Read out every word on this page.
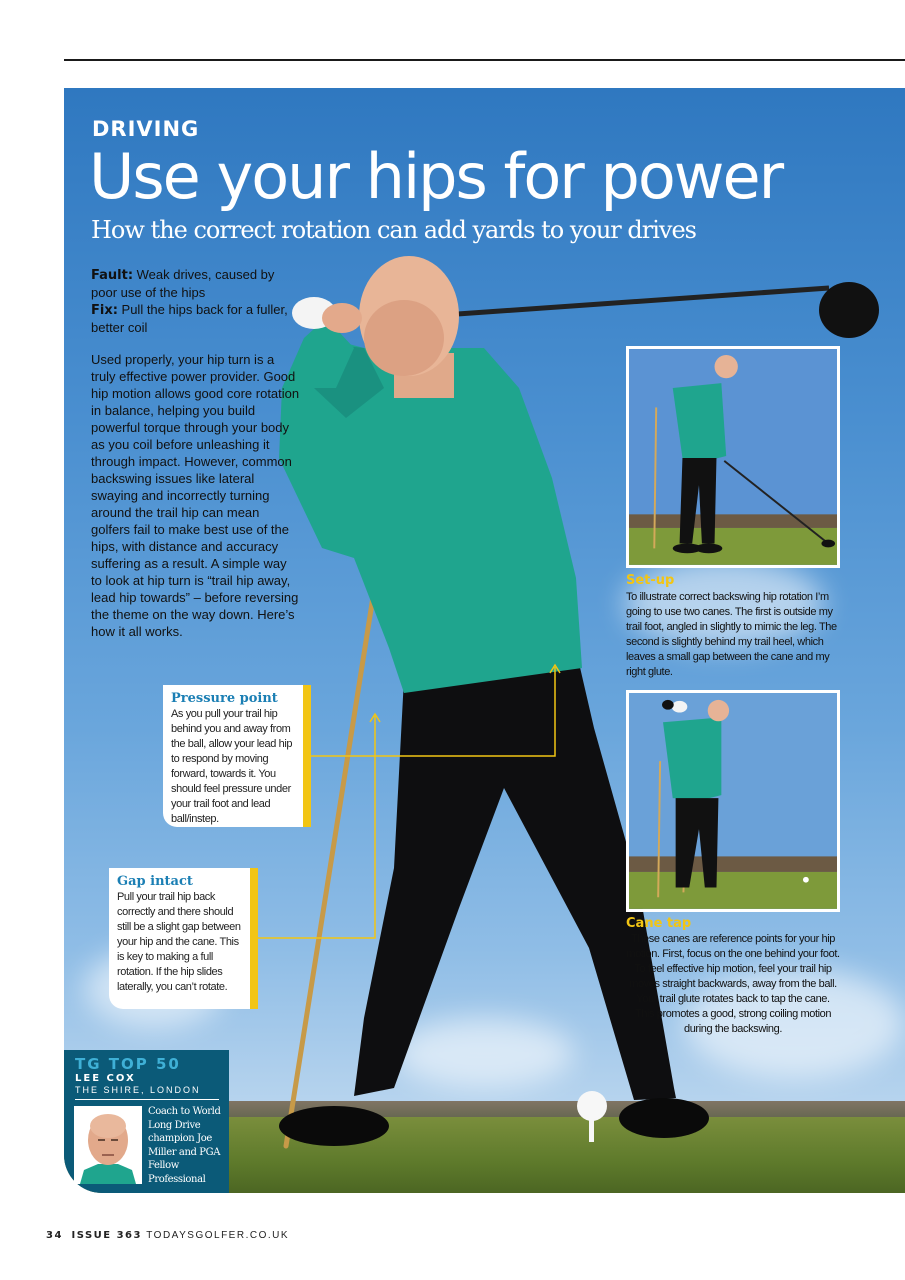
DRIVING
Use your hips for power
How the correct rotation can add yards to your drives
Fault: Weak drives, caused by poor use of the hips
Fix: Pull the hips back for a fuller, better coil
Used properly, your hip turn is a truly effective power provider. Good hip motion allows good core rotation in balance, helping you build powerful torque through your body as you coil before unleashing it through impact. However, common backswing issues like lateral swaying and incorrectly turning around the trail hip can mean golfers fail to make best use of the hips, with distance and accuracy suffering as a result. A simple way to look at hip turn is “trail hip away, lead hip towards” – before reversing the theme on the way down. Here’s how it all works.
Pressure point

As you pull your trail hip behind you and away from the ball, allow your lead hip to respond by moving forward, towards it. You should feel pressure under your trail foot and lead ball/instep.

Gap intact

Pull your trail hip back correctly and there should still be a slight gap between your hip and the cane. This is key to making a full rotation. If the hip slides laterally, you can’t rotate.

Set-up
To illustrate correct backswing hip rotation I’m going to use two canes. The first is outside my trail foot, angled in slightly to mimic the leg. The second is slightly behind my trail heel, which leaves a small gap between the cane and my right glute.
Cane tap
These canes are reference points for your hip motion. First, focus on the one behind your foot. To feel effective hip motion, feel your trail hip moves straight backwards, away from the ball. Your trail glute rotates back to tap the cane. This promotes a good, strong coiling motion during the backswing.
TG TOP 50
LEE COX
THE SHIRE, LONDON
Coach to World Long Drive champion Joe Miller and PGA Fellow Professional
34 ISSUE 363 TODAYSGOLFER.CO.UK
